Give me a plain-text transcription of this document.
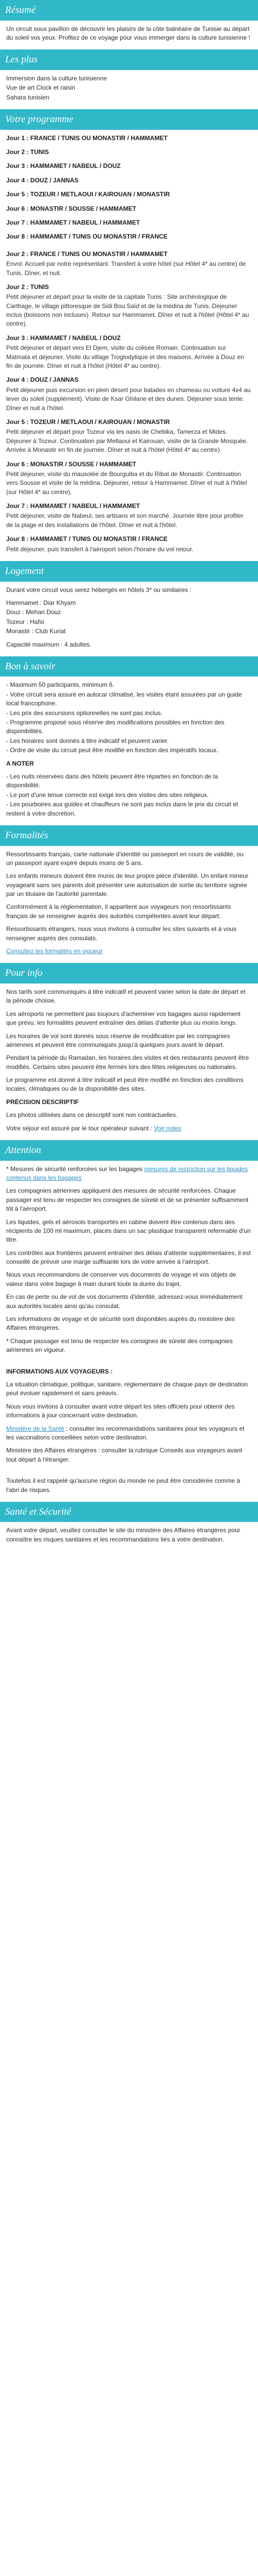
Résumé

Un circuit sous pavillon de découvrir les plaisirs de la côte balnéaire de Tunisie au départ du soleil vos yeux. Profitez de ce voyage pour vous immerger dans la culture tunisienne !

Les plus
Immersion dans la culture tunisienne
Vue de art Clock et raisin
Sahara tunisien
Votre programme
Jour 1 : FRANCE / TUNIS OU MONASTIR / HAMMAMET
Jour 2 : TUNIS
Jour 3 : HAMMAMET / NABEUL / DOUZ
Jour 4 : DOUZ / JANNAS
Jour 5 : TOZEUR / METLAOUI / KAIROUAN / MONASTIR
Jour 6 : MONASTIR / SOUSSE / HAMMAMET
Jour 7 : HAMMAMET / NABEUL / HAMMAMET
Jour 8 : HAMMAMET / TUNIS OU MONASTIR / FRANCE
Jour 2 : FRANCE / TUNIS OU MONASTIR / HAMMAMET
Envol. Accueil par notre représentant. Transfert à votre hôtel (sur Hôtel 4* au centre) de Tunis. Dîner, et nuit.
Jour 2 : TUNIS
Petit déjeuner et départ pour la visite de la capitale Tunis : Site archéologique de Carthage, le village pittoresque de Sidi Bou Saïd et de la médina de Tunis. Déjeuner inclus (boissons non incluses). Retour sur Hammamet. Dîner et nuit à l'hôtel (Hôtel 4* au centre).
Jour 3 : HAMMAMET / NABEUL / DOUZ
Petit déjeuner et départ vers El Djem, visite du colisée Romain. Continuation sur Matmata et déjeuner. Visite du village Troglodytique et des maisons. Arrivée à Douz en fin de journée. Dîner et nuit à l'hôtel (Hôtel 4* au centre).
Jour 4 : DOUZ / JANNAS
Petit déjeuner puis excursion en plein désert pour balades en chameau ou voiture 4x4 au lever du soleil (supplément). Visite de Ksar Ghilane et des dunes. Déjeuner sous tente. Dîner et nuit à l'hôtel.
Jour 5 : TOZEUR / METLAOUI / KAIROUAN / MONASTIR
Petit déjeuner et départ pour Tozeur via les oasis de Chebika, Tamerza et Mides. Déjeuner à Tozeur. Continuation par Metlaoui et Kairouan, visite de la Grande Mosquée. Arrivée à Monastir en fin de journée. Dîner et nuit à l'hôtel (Hôtel 4* au centre).
Jour 6 : MONASTIR / SOUSSE / HAMMAMET
Petit déjeuner, visite du mausolée de Bourguiba et du Ribat de Monastir. Continuation vers Sousse et visite de la médina. Déjeuner, retour à Hammamet. Dîner et nuit à l'hôtel (sur Hôtel 4* au centre).
Jour 7 : HAMMAMET / NABEUL / HAMMAMET
Petit déjeuner, visite de Nabeul, ses artisans et son marché. Journée libre pour profiter de la plage et des installations de l'hôtel. Dîner et nuit à l'hôtel.
Jour 8 : HAMMAMET / TUNIS OU MONASTIR / FRANCE
Petit déjeuner, puis transfert à l'aéroport selon l'horaire du vol retour.
Logement

Durant votre circuit vous serez hébergés en hôtels 3* ou similaires :

Hammamet : Diar Khyam
Douz : Mehari Douz
Tozeur : Hafsi
Monastir : Club Kuriat

Capacité maximum : 4 adultes.

Bon à savoir
- Maximum 50 participants, minimum 6.
- Votre circuit sera assuré en autocar climatisé, les visites étant assurées par un guide local francophone.
- Les prix des excursions optionnelles ne sont pas inclus.
- Programme proposé sous réserve des modifications possibles en fonction des disponibilités.
- Les horaires sont donnés à titre indicatif et peuvent varier.
- Ordre de visite du circuit peut être modifié en fonction des impératifs locaux.

A NOTER

- Les nuits réservées dans des hôtels peuvent être réparties en fonction de la disponibilité.
- Le port d'une tenue correcte est exigé lors des visites des sites religieux.
- Les pourboires aux guides et chauffeurs ne sont pas inclus dans le prix du circuit et restent à votre discrétion.
Formalités

Ressortissants français, carte nationale d'identité ou passeport en cours de validité, ou un passeport ayant expiré depuis moins de 5 ans.

Les enfants mineurs doivent être munis de leur propre pièce d'identité. Un enfant mineur voyageant sans ses parents doit présenter une autorisation de sortie du territoire signée par un titulaire de l'autorité parentale.

Conformément à la réglementation, il appartient aux voyageurs non ressortissants français de se renseigner auprès des autorités compétentes avant leur départ.

Ressortissants étrangers, nous vous invitons à consulter les sites suivants et à vous renseigner auprès des consulats.

Consultez les formalités en vigueur

Pour info

Nos tarifs sont communiqués à titre indicatif et peuvent varier selon la date de départ et la période choisie.

Les aéroports ne permettent pas toujours d'acheminer vos bagages aussi rapidement que prévu, les formalités peuvent entraîner des délais d'attente plus ou moins longs.

Les horaires de vol sont donnés sous réserve de modification par les compagnies aériennes et peuvent être communiqués jusqu'à quelques jours avant le départ.

Pendant la période du Ramadan, les horaires des visites et des restaurants peuvent être modifiés. Certains sites peuvent être fermés lors des fêtes religieuses ou nationales.

Le programme est donné à titre indicatif et peut être modifié en fonction des conditions locales, climatiques ou de la disponibilité des sites.

PRÉCISION DESCRIPTIF

Les photos utilisées dans ce descriptif sont non contractuelles.

Votre séjour est assuré par le tour opérateur suivant : Voir notes

Attention

* Mesures de sécurité renforcées sur les bagages mesures de restriction sur les liquides contenus dans les bagages

Les compagnies aériennes appliquent des mesures de sécurité renforcées. Chaque passager est tenu de respecter les consignes de sûreté et de se présenter suffisamment tôt à l'aéroport.

Les liquides, gels et aérosols transportés en cabine doivent être contenus dans des récipients de 100 ml maximum, placés dans un sac plastique transparent refermable d'un litre.

Les contrôles aux frontières peuvent entraîner des délais d'attente supplémentaires, il est conseillé de prévoir une marge suffisante lors de votre arrivée à l'aéroport.

Nous vous recommandons de conserver vos documents de voyage et vos objets de valeur dans votre bagage à main durant toute la durée du trajet.

En cas de perte ou de vol de vos documents d'identité, adressez-vous immédiatement aux autorités locales ainsi qu'au consulat.

Les informations de voyage et de sécurité sont disponibles auprès du ministère des Affaires étrangères.

* Chaque passager est tenu de respecter les consignes de sûreté des compagnies aériennes en vigueur.

INFORMATIONS AUX VOYAGEURS :

La situation climatique, politique, sanitaire, réglementaire de chaque pays de destination peut évoluer rapidement et sans préavis.

Nous vous invitons à consulter avant votre départ les sites officiels pour obtenir des informations à jour concernant votre destination.

Ministère de la Santé : consulter les recommandations sanitaires pour les voyageurs et les vaccinations conseillées selon votre destination.

Ministère des Affaires étrangères : consulter la rubrique Conseils aux voyageurs avant tout départ à l'étranger.

Toutefois il est rappelé qu'aucune région du monde ne peut être considérée comme à l'abri de risques.

Santé et Sécurité

Avant votre départ, veuillez consulter le site du ministère des Affaires étrangères pour connaître les risques sanitaires et les recommandations liés à votre destination.
